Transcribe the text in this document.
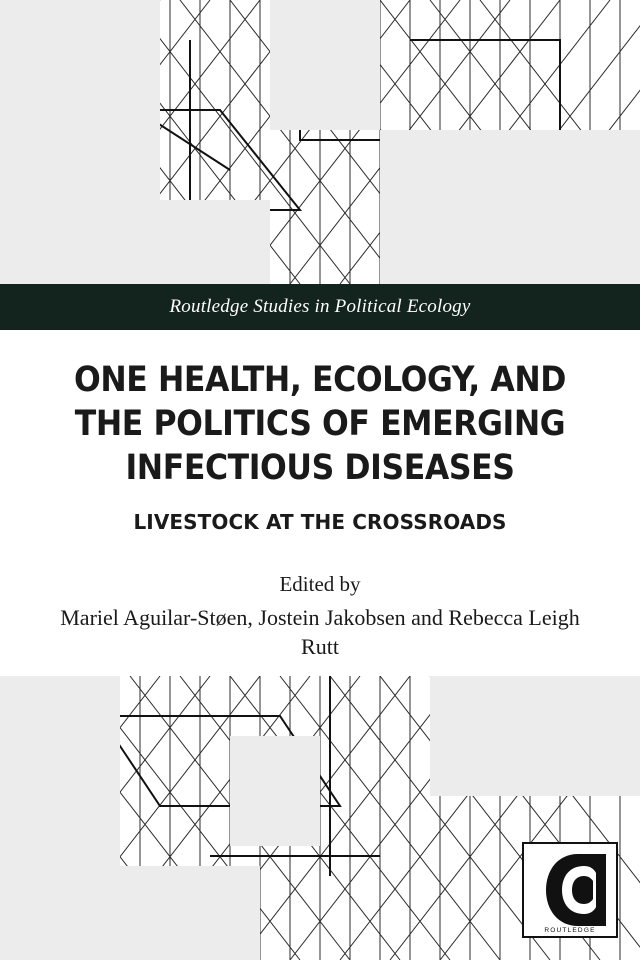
Routledge Studies in Political Ecology
ONE HEALTH, ECOLOGY, AND THE POLITICS OF EMERGING INFECTIOUS DISEASES
LIVESTOCK AT THE CROSSROADS

Edited by

Mariel Aguilar-Støen, Jostein Jakobsen and Rebecca Leigh Rutt

ROUTLEDGE
